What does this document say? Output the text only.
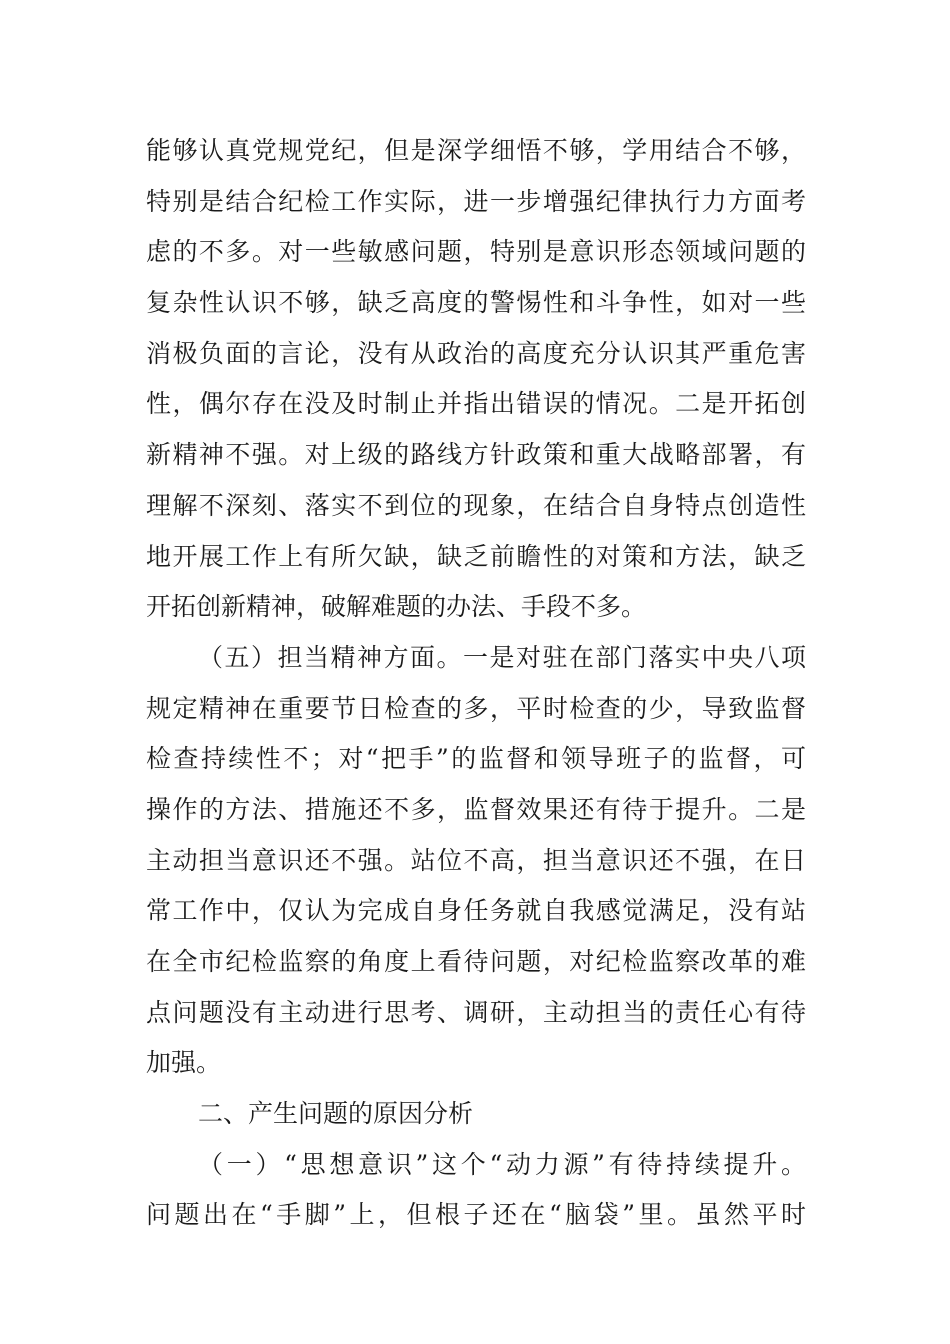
能够认真党规党纪，但是深学细悟不够，学用结合不够，
特别是结合纪检工作实际，进一步增强纪律执行力方面考
虑的不多。对一些敏感问题，特别是意识形态领域问题的
复杂性认识不够，缺乏高度的警惕性和斗争性，如对一些
消极负面的言论，没有从政治的高度充分认识其严重危害
性，偶尔存在没及时制止并指出错误的情况。二是开拓创
新精神不强。对上级的路线方针政策和重大战略部署，有
理解不深刻、落实不到位的现象，在结合自身特点创造性
地开展工作上有所欠缺，缺乏前瞻性的对策和方法，缺乏
开拓创新精神，破解难题的办法、手段不多。
（五）担当精神方面。一是对驻在部门落实中央八项
规定精神在重要节日检查的多，平时检查的少，导致监督
检查持续性不；对“把手”的监督和领导班子的监督，可
操作的方法、措施还不多，监督效果还有待于提升。二是
主动担当意识还不强。站位不高，担当意识还不强，在日
常工作中，仅认为完成自身任务就自我感觉满足，没有站
在全市纪检监察的角度上看待问题，对纪检监察改革的难
点问题没有主动进行思考、调研，主动担当的责任心有待
加强。
二、产生问题的原因分析
（一）“思想意识”这个“动力源”有待持续提升。
问题出在“手脚”上，但根子还在“脑袋”里。虽然平时
